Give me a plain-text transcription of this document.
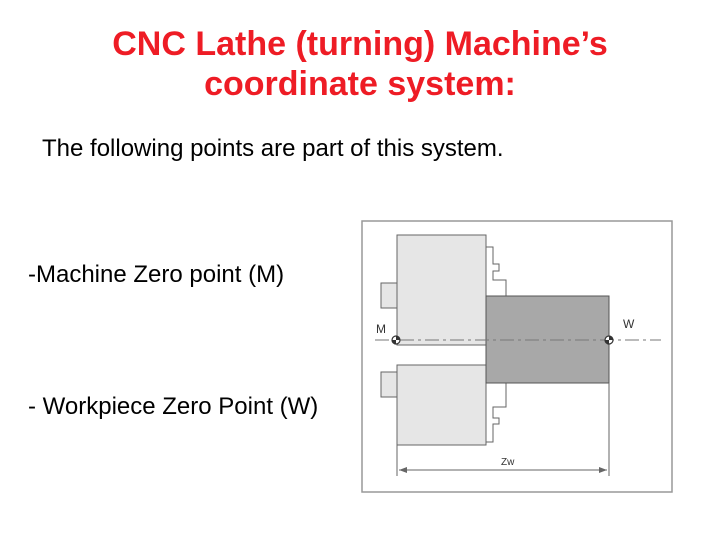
CNC Lathe (turning) Machine’s
coordinate system:
The following points are part of this system.
-Machine Zero point (M)
- Workpiece Zero Point (W)
M	W
Zw
